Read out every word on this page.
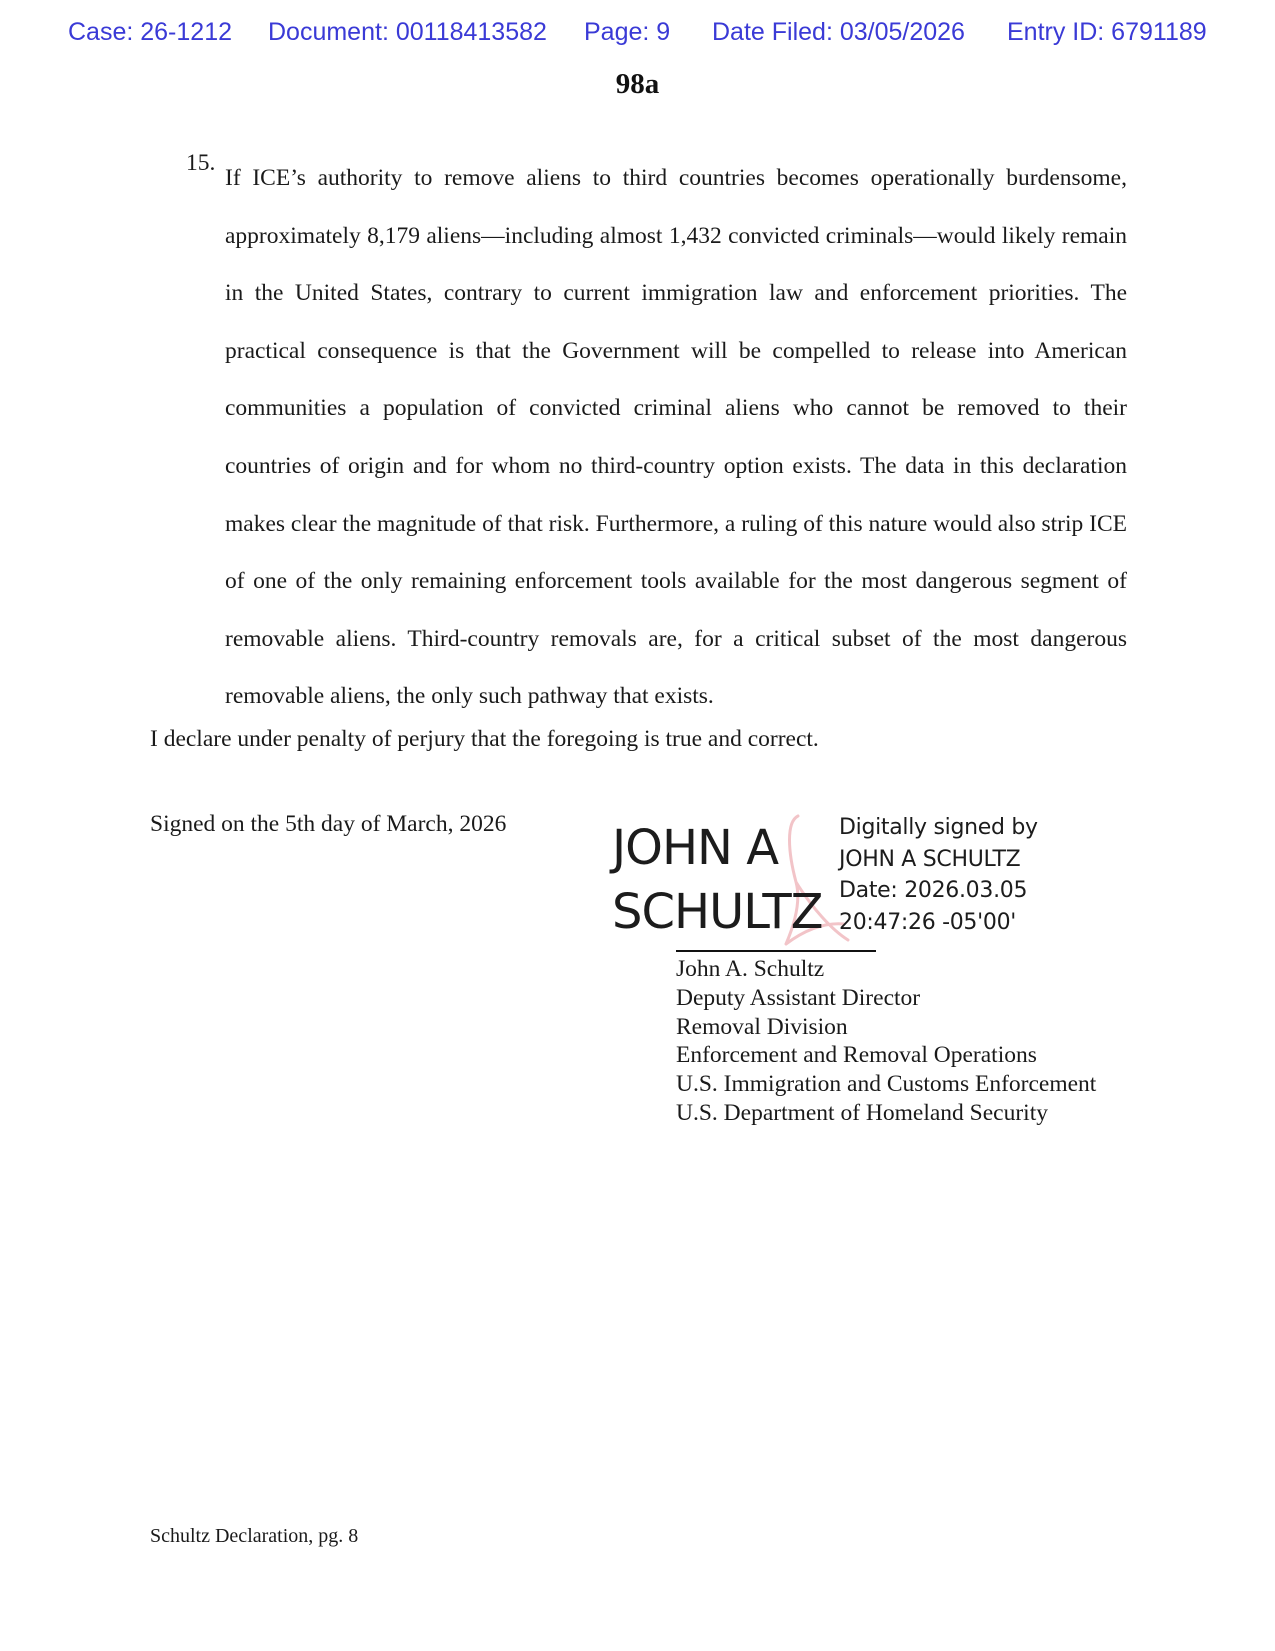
Case: 26-1212 Document: 00118413582 Page: 9 Date Filed: 03/05/2026 Entry ID: 6791189
98a
15.
If ICE’s authority to remove aliens to third countries becomes operationally burdensome, approximately 8,179 aliens—including almost 1,432 convicted criminals—would likely remain in the United States, contrary to current immigration law and enforcement priorities. The practical consequence is that the Government will be compelled to release into American communities a population of convicted criminal aliens who cannot be removed to their countries of origin and for whom no third-country option exists. The data in this declaration makes clear the magnitude of that risk. Furthermore, a ruling of this nature would also strip ICE of one of the only remaining enforcement tools available for the most dangerous segment of removable aliens. Third-country removals are, for a critical subset of the most dangerous removable aliens, the only such pathway that exists.
I declare under penalty of perjury that the foregoing is true and correct.
Signed on the 5th day of March, 2026 JOHN A
SCHULTZ
Digitally signed by
JOHN A SCHULTZ
Date: 2026.03.05
20:47:26 -05'00'
John A. Schultz
Deputy Assistant Director
Removal Division
Enforcement and Removal Operations
U.S. Immigration and Customs Enforcement
U.S. Department of Homeland Security
Schultz Declaration, pg. 8
